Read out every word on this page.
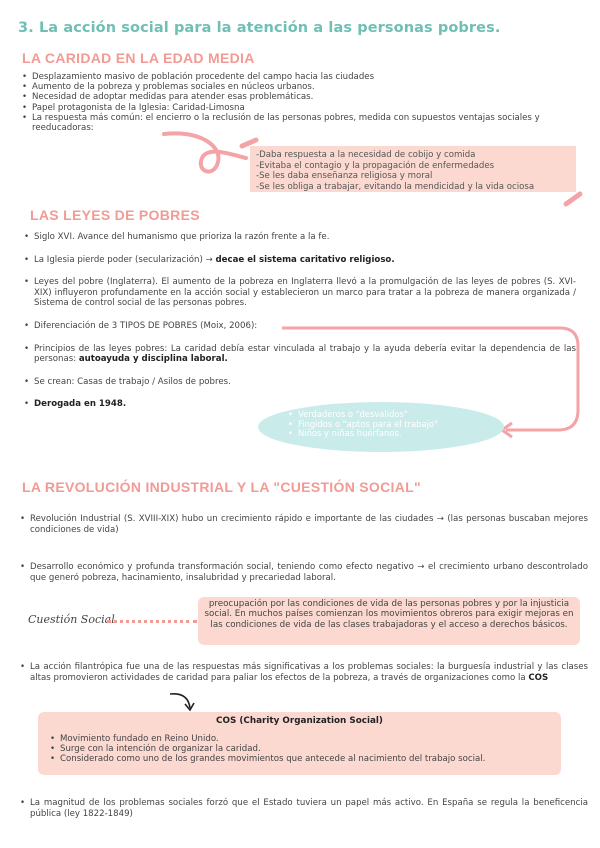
3. La acción social para la atención a las personas pobres.
LA CARIDAD EN LA EDAD MEDIA
• Desplazamiento masivo de población procedente del campo hacia las ciudades
• Aumento de la pobreza y problemas sociales en núcleos urbanos.
• Necesidad de adoptar medidas para atender esas problemáticas.
• Papel protagonista de la Iglesia: Caridad-Limosna
• La respuesta más común: el encierro o la reclusión de las personas pobres, medida con supuestos ventajas sociales y reeducadoras:
-Daba respuesta a la necesidad de cobijo y comida
-Evitaba el contagio y la propagación de enfermedades
-Se les daba enseñanza religiosa y moral
-Se les obliga a trabajar, evitando la mendicidad y la vida ociosa
LAS LEYES DE POBRES
• Siglo XVI. Avance del humanismo que prioriza la razón frente a la fe.
• La Iglesia pierde poder (secularización) → decae el sistema caritativo religioso.
• Leyes del pobre (Inglaterra). El aumento de la pobreza en Inglaterra llevó a la promulgación de las leyes de pobres (S. XVI-XIX) influyeron profundamente en la acción social y establecieron un marco para tratar a la pobreza de manera organizada / Sistema de control social de las personas pobres.
• Diferenciación de 3 TIPOS DE POBRES (Moix, 2006):
• Principios de las leyes pobres: La caridad debía estar vinculada al trabajo y la ayuda debería evitar la dependencia de las personas: autoayuda y disciplina laboral.
• Se crean: Casas de trabajo / Asilos de pobres.
• Derogada en 1948.
• Verdaderos o "desvalidos"
• Fingidos o "aptos para el trabajo"
• Niños y niñas huérfanos.
LA REVOLUCIÓN INDUSTRIAL Y LA "CUESTIÓN SOCIAL"
• Revolución Industrial (S. XVIII-XIX) hubo un crecimiento rápido e importante de las ciudades → (las personas buscaban mejores condiciones de vida)
• Desarrollo económico y profunda transformación social, teniendo como efecto negativo → el crecimiento urbano descontrolado que generó pobreza, hacinamiento, insalubridad y precariedad laboral.
Cuestión Social
preocupación por las condiciones de vida de las personas pobres y por la injusticia social. En muchos países comienzan los movimientos obreros para exigir mejoras en las condiciones de vida de las clases trabajadoras y el acceso a derechos básicos.
• La acción filantrópica fue una de las respuestas más significativas a los problemas sociales: la burguesía industrial y las clases altas promovieron actividades de caridad para paliar los efectos de la pobreza, a través de organizaciones como la COS
COS (Charity Organization Social)
• Movimiento fundado en Reino Unido.
• Surge con la intención de organizar la caridad.
• Considerado como uno de los grandes movimientos que antecede al nacimiento del trabajo social.
• La magnitud de los problemas sociales forzó que el Estado tuviera un papel más activo. En España se regula la beneficencia pública (ley 1822-1849)
